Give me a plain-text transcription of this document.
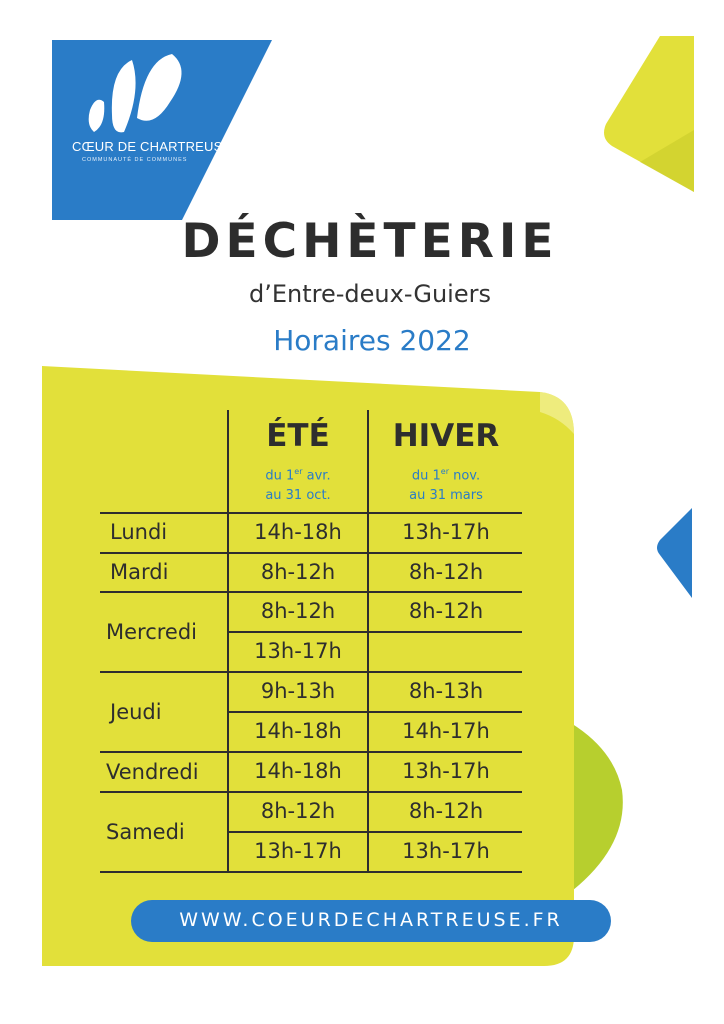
CŒUR DE CHARTREUSE
COMMUNAUTÉ DE COMMUNES
DÉCHÈTERIE
d’Entre-deux-Guiers
Horaires 2022
ÉTÉ
du 1er avr.
au 31 oct.
HIVER
du 1er nov.
au 31 mars
Lundi
Mardi
Mercredi
Jeudi
Vendredi
Samedi
14h-18h
8h-12h
8h-12h
13h-17h
9h-13h
14h-18h
14h-18h
8h-12h
13h-17h
13h-17h
8h-12h
8h-12h
8h-13h
14h-17h
13h-17h
8h-12h
13h-17h
WWW.COEURDECHARTREUSE.FR
